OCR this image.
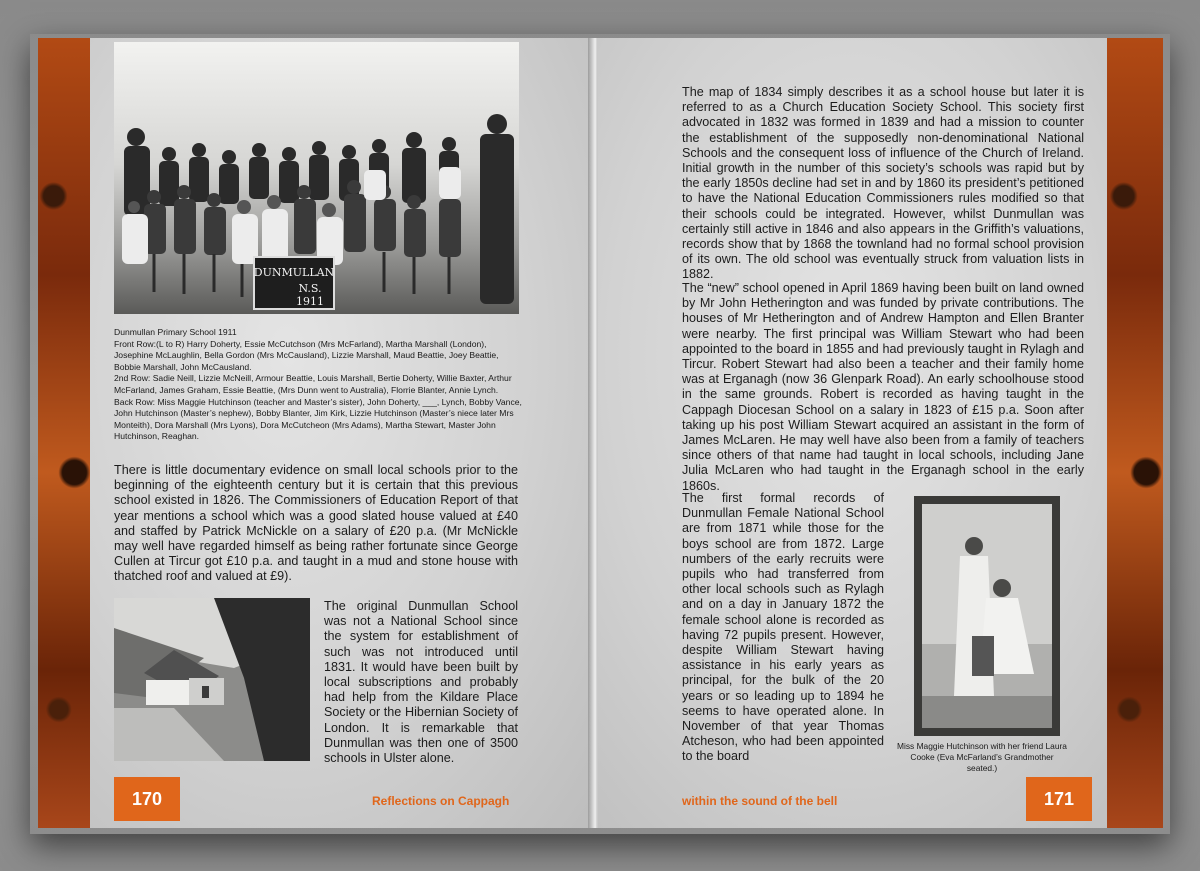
DUNMULLAN
N.S.
1911
Dunmullan Primary School 1911
Front Row:(L to R) Harry Doherty, Essie McCutchson (Mrs McFarland), Martha Marshall (London), Josephine McLaughlin, Bella Gordon (Mrs McCausland), Lizzie Marshall, Maud Beattie, Joey Beattie, Bobbie Marshall, John McCausland.
2nd Row: Sadie Neill, Lizzie McNeill, Armour Beattie, Louis Marshall, Bertie Doherty, Willie Baxter, Arthur McFarland, James Graham, Essie Beattie, (Mrs Dunn went to Australia), Florrie Blanter, Annie Lynch.
Back Row: Miss Maggie Hutchinson (teacher and Master’s sister), John Doherty, ___, Lynch, Bobby Vance, John Hutchinson (Master’s nephew), Bobby Blanter, Jim Kirk, Lizzie Hutchinson (Master’s niece later Mrs Monteith), Dora Marshall (Mrs Lyons), Dora McCutcheon (Mrs Adams), Martha Stewart, Master John Hutchinson, Reaghan.

There is little documentary evidence on small local schools prior to the beginning of the eighteenth century but it is certain that this previous school existed in 1826. The Commissioners of Education Report of that year mentions a school which was a good slated house valued at £40 and staffed by Patrick McNickle on a salary of £20 p.a. (Mr McNickle may well have regarded himself as being rather fortunate since George Cullen at Tircur got £10 p.a. and taught in a mud and stone house with thatched roof and valued at £9).

The original Dunmullan School was not a National School since the system for establishment of such was not introduced until 1831. It would have been built by local subscriptions and probably had help from the Kildare Place Society or the Hibernian Society of London. It is remarkable that Dunmullan was then one of 3500 schools in Ulster alone.

170	Reflections on Cappagh

The map of 1834 simply describes it as a school house but later it is referred to as a Church Education Society School. This society first advocated in 1832 was formed in 1839 and had a mission to counter the establishment of the supposedly non-denominational National Schools and the consequent loss of influence of the Church of Ireland. Initial growth in the number of this society’s schools was rapid but by the early 1850s decline had set in and by 1860 its president’s petitioned to have the National Education Commissioners rules modified so that their schools could be integrated. However, whilst Dunmullan was certainly still active in 1846 and also appears in the Griffith’s valuations, records show that by 1868 the townland had no formal school provision of its own. The old school was eventually struck from valuation lists in 1882.

The “new” school opened in April 1869 having been built on land owned by Mr John Hetherington and was funded by private contributions. The houses of Mr Hetherington and of Andrew Hampton and Ellen Branter were nearby. The first principal was William Stewart who had been appointed to the board in 1855 and had previously taught in Rylagh and Tircur. Robert Stewart had also been a teacher and their family home was at Erganagh (now 36 Glenpark Road). An early schoolhouse stood in the same grounds. Robert is recorded as having taught in the Cappagh Diocesan School on a salary in 1823 of £15 p.a. Soon after taking up his post William Stewart acquired an assistant in the form of James McLaren. He may well have also been from a family of teachers since others of that name had taught in local schools, including Jane Julia McLaren who had taught in the Erganagh school in the early 1860s.

The first formal records of Dunmullan Female National School are from 1871 while those for the boys school are from 1872. Large numbers of the early recruits were pupils who had transferred from other local schools such as Rylagh and on a day in January 1872 the female school alone is recorded as having 72 pupils present. However, despite William Stewart having assistance in his early years as principal, for the bulk of the 20 years or so leading up to 1894 he seems to have operated alone. In November of that year Thomas Atcheson, who had been appointed to the board

Miss Maggie Hutchinson with her friend Laura Cooke (Eva McFarland’s Grandmother seated.)
within the sound of the bell	171
